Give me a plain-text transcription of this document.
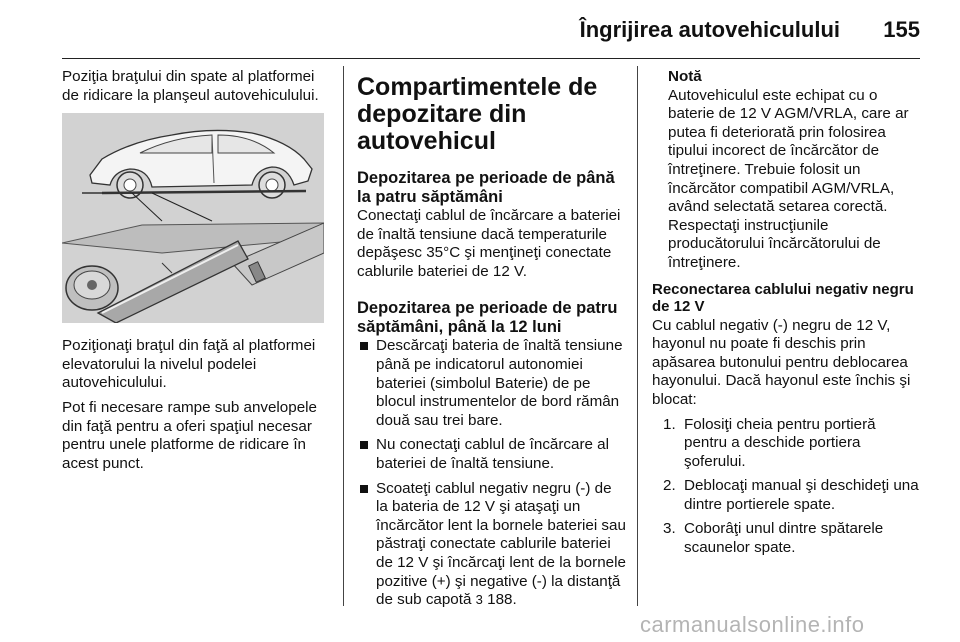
Îngrijirea autovehiculului 155

Poziţia braţului din spate al platformei de ridicare la planşeul autovehiculului.

Poziţionaţi braţul din faţă al platformei elevatorului la nivelul podelei autovehiculului.

Pot fi necesare rampe sub anvelopele din faţă pentru a oferi spaţiul necesar pentru unele platforme de ridicare în acest punct.

Compartimentele de depozitare din autovehicul
Depozitarea pe perioade de până la patru săptămâni

Conectaţi cablul de încărcare a bateriei de înaltă tensiune dacă temperaturile depăşesc 35°C şi menţineţi conectate cablurile bateriei de 12 V.

Depozitarea pe perioade de patru săptămâni, până la 12 luni
Descărcaţi bateria de înaltă tensiune până pe indicatorul autonomiei bateriei (simbolul Baterie) de pe blocul instrumentelor de bord rămân două sau trei bare.
Nu conectaţi cablul de încărcare al bateriei de înaltă tensiune.
Scoateţi cablul negativ negru (-) de la bateria de 12 V şi ataşaţi un încărcător lent la bornele bateriei sau păstraţi conectate cablurile bateriei de 12 V şi încărcaţi lent de la bornele pozitive (+) şi negative (-) la distanţă de sub capotă 3 188.
Notă
Autovehiculul este echipat cu o baterie de 12 V AGM/VRLA, care ar putea fi deteriorată prin folosirea tipului incorect de încărcător de întreţinere. Trebuie folosit un încărcător compatibil AGM/VRLA, având selectată setarea corectă. Respectaţi instrucţiunile producătorului încărcătorului de întreţinere.
Reconectarea cablului negativ negru de 12 V

Cu cablul negativ (-) negru de 12 V, hayonul nu poate fi deschis prin apăsarea butonului pentru deblocarea hayonului. Dacă hayonul este închis şi blocat:

1. Folosiţi cheia pentru portieră pentru a deschide portiera şoferului.
2. Deblocaţi manual şi deschideţi una dintre portierele spate.
3. Coborâţi unul dintre spătarele scaunelor spate.
carmanualsonline.info
